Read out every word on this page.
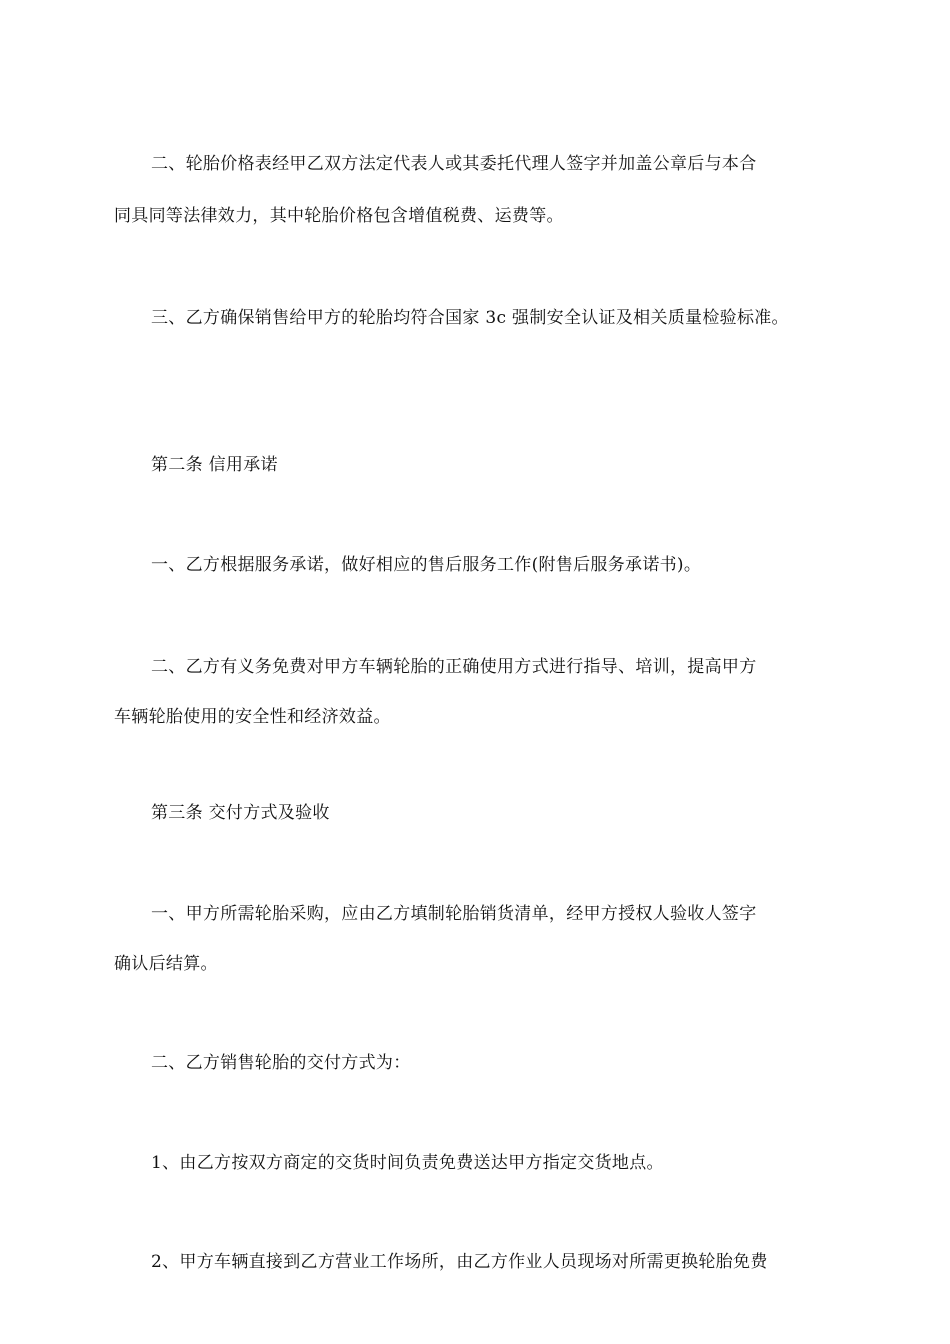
二、轮胎价格表经甲乙双方法定代表人或其委托代理人签字并加盖公章后与本合
同具同等法律效力，其中轮胎价格包含增值税费、运费等。
三、乙方确保销售给甲方的轮胎均符合国家 3c 强制安全认证及相关质量检验标准。
第二条 信用承诺
一、乙方根据服务承诺，做好相应的售后服务工作(附售后服务承诺书)。
二、乙方有义务免费对甲方车辆轮胎的正确使用方式进行指导、培训，提高甲方
车辆轮胎使用的安全性和经济效益。
第三条 交付方式及验收
一、甲方所需轮胎采购，应由乙方填制轮胎销货清单，经甲方授权人验收人签字
确认后结算。
二、乙方销售轮胎的交付方式为：
1、由乙方按双方商定的交货时间负责免费送达甲方指定交货地点。
2、甲方车辆直接到乙方营业工作场所，由乙方作业人员现场对所需更换轮胎免费
